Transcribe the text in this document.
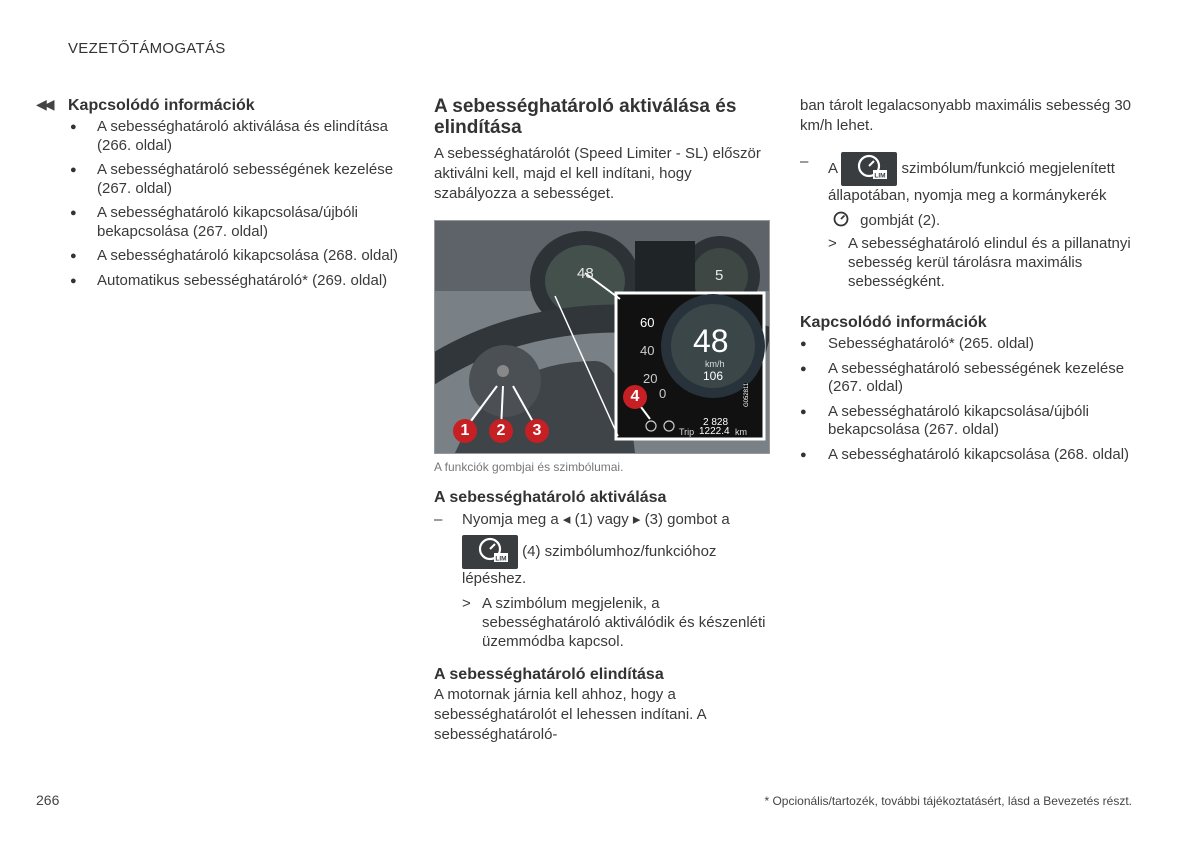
VEZETŐTÁMOGATÁS
◀◀ Kapcsolódó információk

● A sebességhatároló aktiválása és elindítása (266. oldal)
● A sebességhatároló sebességének kezelése (267. oldal)
● A sebességhatároló kikapcsolása/újbóli bekapcsolása (267. oldal)
● A sebességhatároló kikapcsolása (268. oldal)
● Automatikus sebességhatároló* (269. oldal)

A sebességhatároló aktiválása és elindítása

A sebességhatárolót (Speed Limiter - SL) először aktiválni kell, majd el kell indítani, hogy szabályozza a sebességet.
48	5
60
40
20
0
48
km/h
106
2 828
Trip 1222.4 km
G052811
1	2	3
4
A funkciók gombjai és szimbólumai.

A sebességhatároló aktiválása

– Nyomja meg a ◂ (1) vagy ▸ (3) gombot a
LIM (4) szimbólumhoz/funkcióhoz lépéshez.
> A szimbólum megjelenik, a sebességhatároló aktiválódik és készenléti üzemmódba kapcsol.

A sebességhatároló elindítása

A motornak járnia kell ahhoz, hogy a sebességhatárolót el lehessen indítani. A sebességhatároló-
ban tárolt legalacsonyabb maximális sebesség 30 km/h lehet.
– A	LIM szimbólum/funkció megjelenített állapotában, nyomja meg a kormánykerék
gombját (2).
> A sebességhatároló elindul és a pillanatnyi sebesség kerül tárolásra maximális sebességként.

Kapcsolódó információk

● Sebességhatároló* (265. oldal)
● A sebességhatároló sebességének kezelése (267. oldal)
● A sebességhatároló kikapcsolása/újbóli bekapcsolása (267. oldal)
● A sebességhatároló kikapcsolása (268. oldal)
266	* Opcionális/tartozék, további tájékoztatásért, lásd a Bevezetés részt.
